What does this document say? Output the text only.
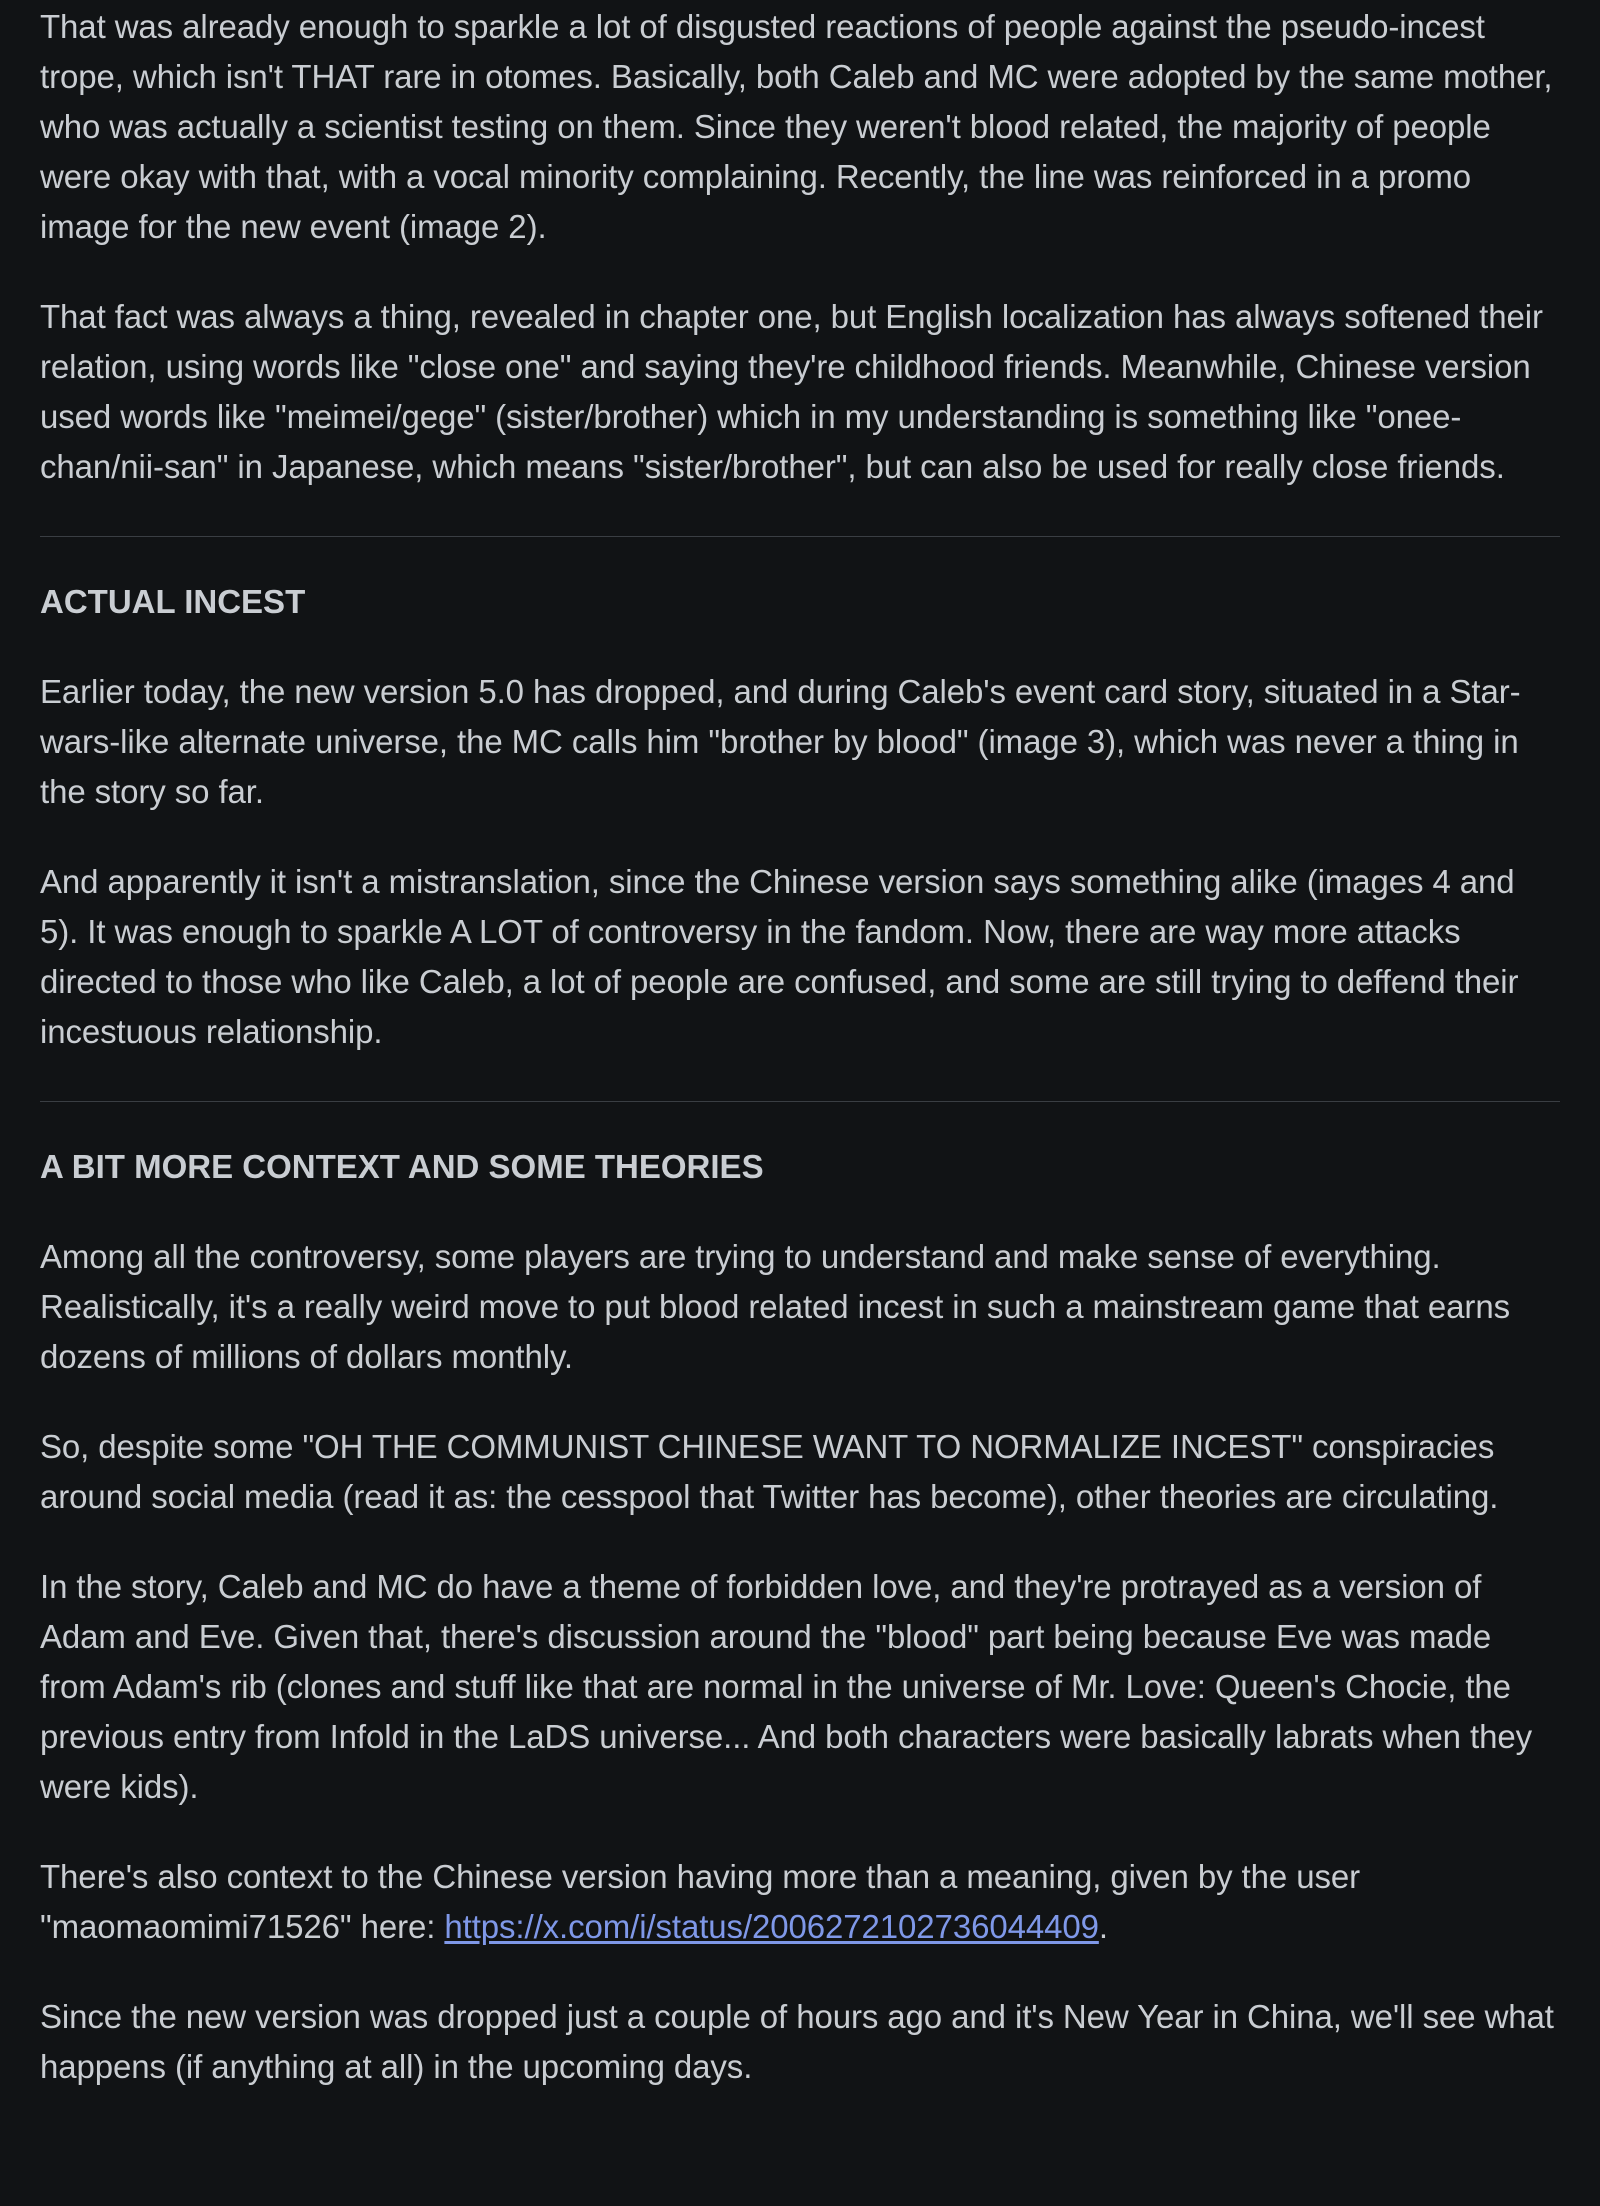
That was already enough to sparkle a lot of disgusted reactions of people against the pseudo-incest trope, which isn't THAT rare in otomes. Basically, both Caleb and MC were adopted by the same mother, who was actually a scientist testing on them. Since they weren't blood related, the majority of people were okay with that, with a vocal minority complaining. Recently, the line was reinforced in a promo image for the new event (image 2).

That fact was always a thing, revealed in chapter one, but English localization has always softened their relation, using words like "close one" and saying they're childhood friends. Meanwhile, Chinese version used words like "meimei/gege" (sister/brother) which in my understanding is something like "onee-chan/nii-san" in Japanese, which means "sister/brother", but can also be used for really close friends.

ACTUAL INCEST

Earlier today, the new version 5.0 has dropped, and during Caleb's event card story, situated in a Star-wars-like alternate universe, the MC calls him "brother by blood" (image 3), which was never a thing in the story so far.

And apparently it isn't a mistranslation, since the Chinese version says something alike (images 4 and 5). It was enough to sparkle A LOT of controversy in the fandom. Now, there are way more attacks directed to those who like Caleb, a lot of people are confused, and some are still trying to deffend their incestuous relationship.

A BIT MORE CONTEXT AND SOME THEORIES

Among all the controversy, some players are trying to understand and make sense of everything. Realistically, it's a really weird move to put blood related incest in such a mainstream game that earns dozens of millions of dollars monthly.

So, despite some "OH THE COMMUNIST CHINESE WANT TO NORMALIZE INCEST" conspiracies around social media (read it as: the cesspool that Twitter has become), other theories are circulating.

In the story, Caleb and MC do have a theme of forbidden love, and they're protrayed as a version of Adam and Eve. Given that, there's discussion around the "blood" part being because Eve was made from Adam's rib (clones and stuff like that are normal in the universe of Mr. Love: Queen's Chocie, the previous entry from Infold in the LaDS universe... And both characters were basically labrats when they were kids).

There's also context to the Chinese version having more than a meaning, given by the user "maomaomimi71526" here: https://x.com/i/status/2006272102736044409.

Since the new version was dropped just a couple of hours ago and it's New Year in China, we'll see what happens (if anything at all) in the upcoming days.
